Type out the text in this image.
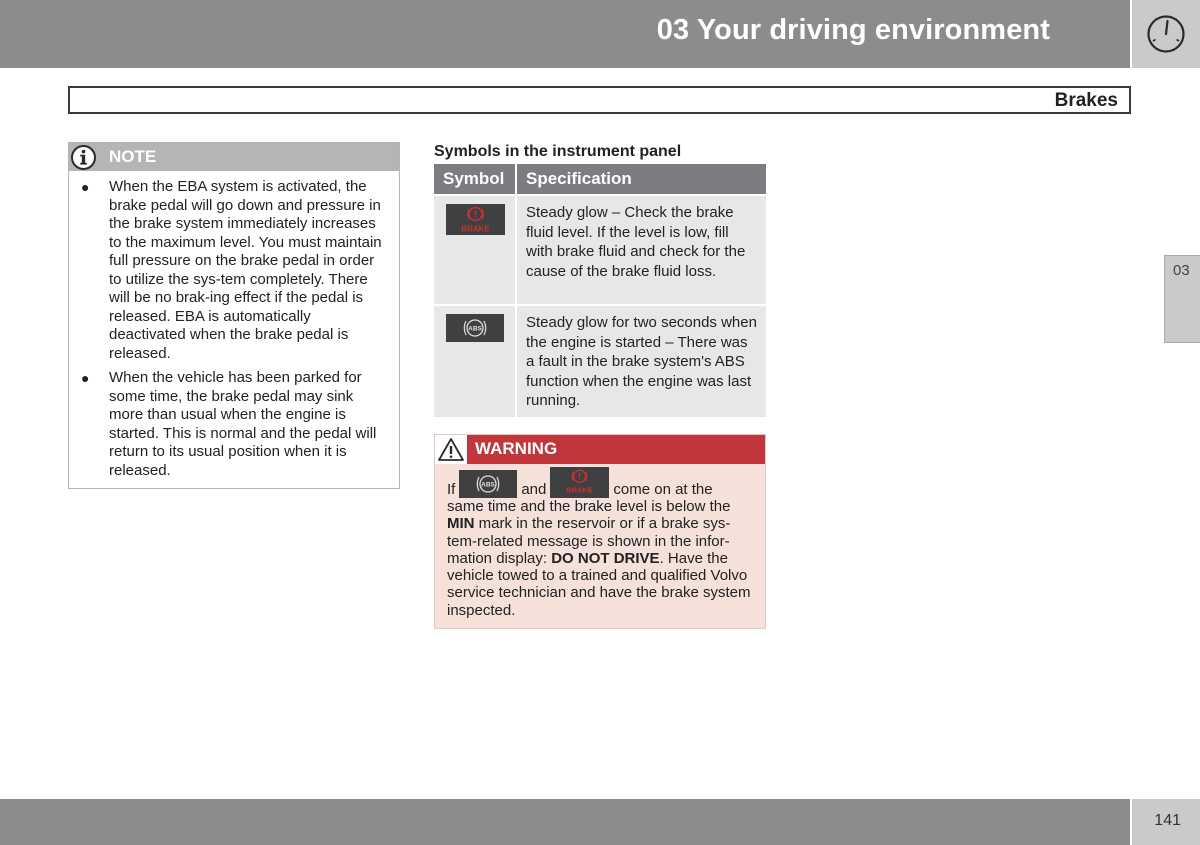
03 Your driving environment
Brakes
03
NOTE
● When the EBA system is activated, the brake pedal will go down and pressure in the brake system immediately increases to the maximum level. You must maintain full pressure on the brake pedal in order to utilize the sys-tem completely. There will be no brak-ing effect if the pedal is released. EBA is automatically deactivated when the brake pedal is released.
● When the vehicle has been parked for some time, the brake pedal may sink more than usual when the engine is started. This is normal and the pedal will return to its usual position when it is released.
Symbols in the instrument panel
Symbol	Specification

BRAKE	Steady glow – Check the brake fluid level. If the level is low, fill with brake fluid and check for the cause of the brake fluid loss.

ABS	Steady glow for two seconds when the engine is started – There was a fault in the brake system's ABS function when the engine was last running.
WARNING
If	ABS and	BRAKE come on at the
same time and the brake level is below the MIN mark in the reservoir or if a brake sys-tem-related message is shown in the infor-mation display: DO NOT DRIVE. Have the vehicle towed to a trained and qualified Volvo service technician and have the brake system inspected.
141
